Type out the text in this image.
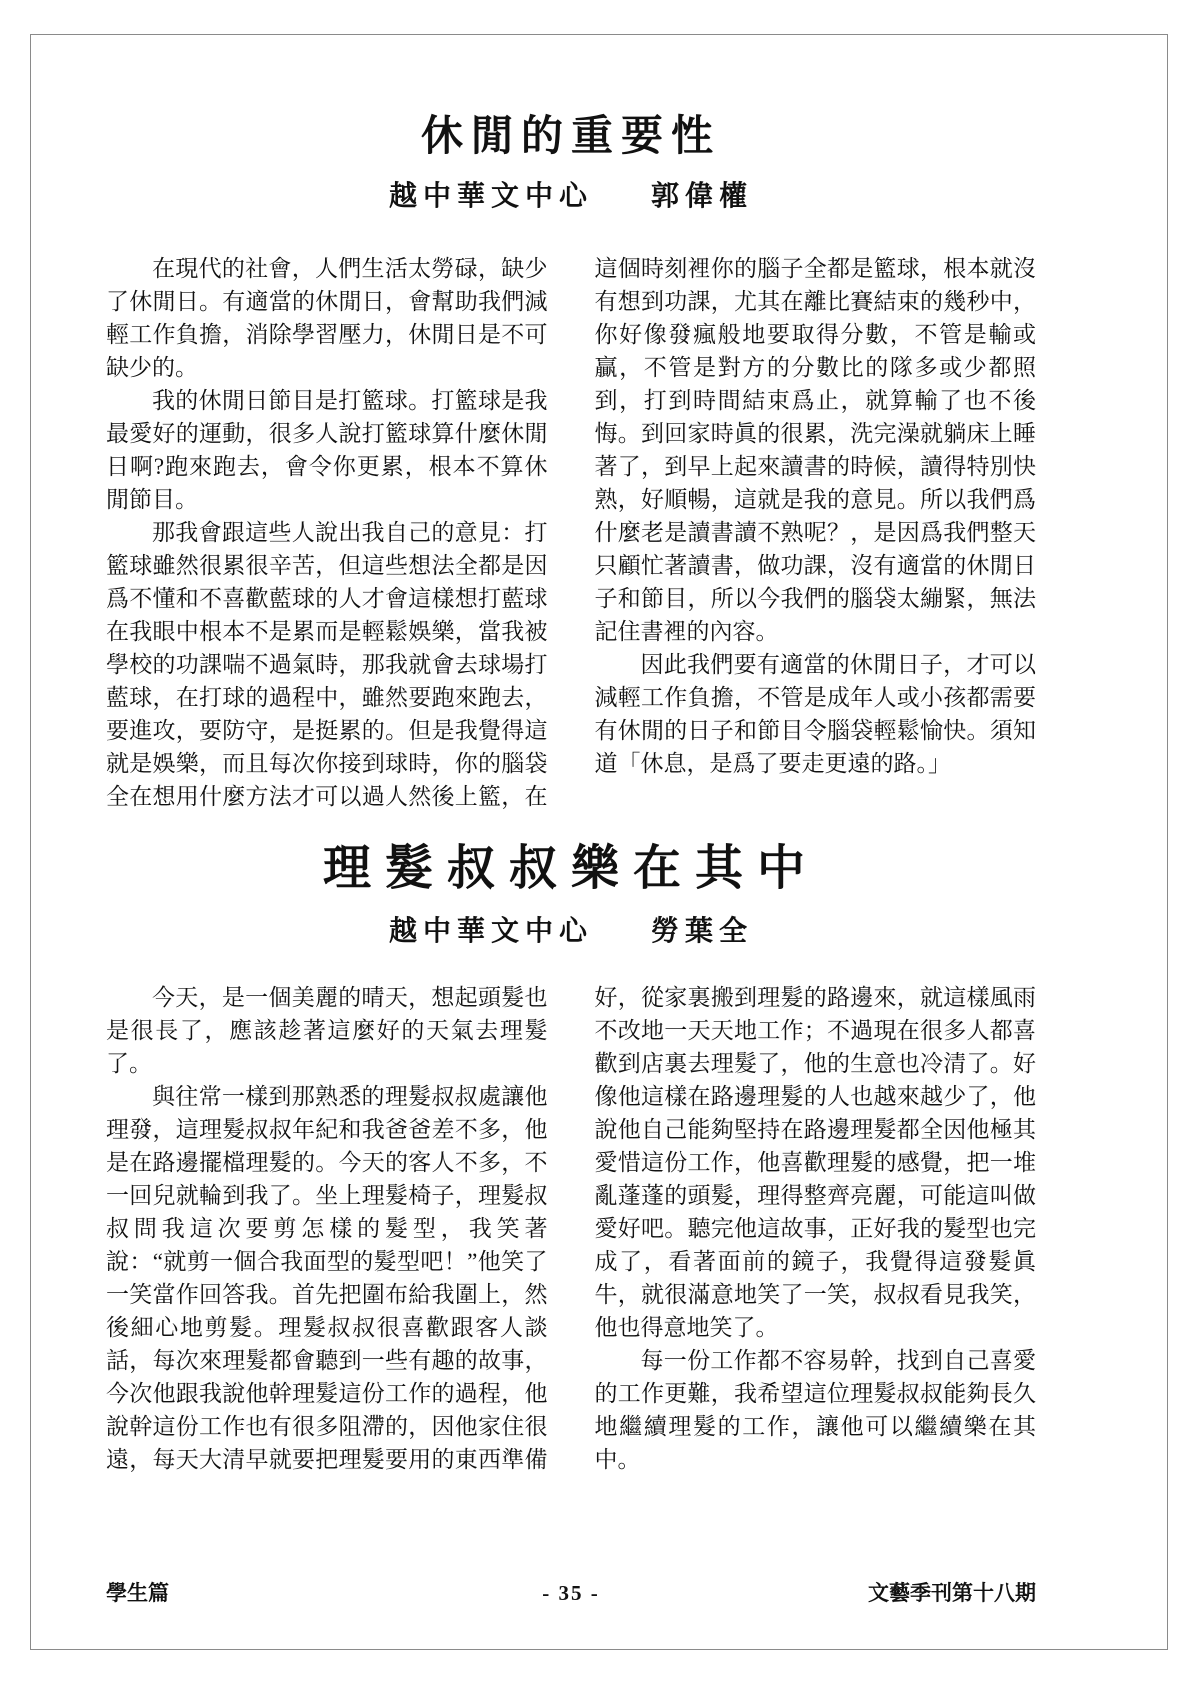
休閒的重要性
越中華文中心 郭偉權

在現代的社會，人們生活太勞碌，缺少了休閒日。有適當的休閒日，會幫助我們減輕工作負擔，消除學習壓力，休閒日是不可缺少的。

我的休閒日節目是打籃球。打籃球是我最愛好的運動，很多人說打籃球算什麼休閒日啊?跑來跑去，會令你更累，根本不算休閒節目。

那我會跟這些人說出我自己的意見：打籃球雖然很累很辛苦，但這些想法全都是因爲不懂和不喜歡藍球的人才會這樣想打藍球在我眼中根本不是累而是輕鬆娛樂，當我被學校的功課喘不過氣時，那我就會去球場打藍球，在打球的過程中，雖然要跑來跑去，要進攻，要防守，是挺累的。但是我覺得這就是娛樂，而且每次你接到球時，你的腦袋全在想用什麼方法才可以過人然後上籃，在這個時刻裡你的腦子全都是籃球，根本就沒有想到功課，尤其在離比賽結束的幾秒中，你好像發瘋般地要取得分數，不管是輸或贏，不管是對方的分數比的隊多或少都照到，打到時間結束爲止，就算輸了也不後悔。到回家時眞的很累，洗完澡就躺床上睡著了，到早上起來讀書的時候，讀得特別快熟，好順暢，這就是我的意見。所以我們爲什麼老是讀書讀不熟呢？，是因爲我們整天只顧忙著讀書，做功課，沒有適當的休閒日子和節目，所以今我們的腦袋太繃緊，無法記住書裡的內容。

因此我們要有適當的休閒日子，才可以減輕工作負擔，不管是成年人或小孩都需要有休閒的日子和節目令腦袋輕鬆愉快。須知道「休息，是爲了要走更遠的路。」

理髮叔叔樂在其中
越中華文中心 勞葉全

今天，是一個美麗的晴天，想起頭髮也是很長了，應該趁著這麼好的天氣去理髮了。

與往常一樣到那熟悉的理髮叔叔處讓他理發，這理髮叔叔年紀和我爸爸差不多，他是在路邊擺檔理髮的。今天的客人不多，不一回兒就輪到我了。坐上理髮椅子，理髮叔叔問我這次要剪怎樣的髮型，我笑著說：“就剪一個合我面型的髮型吧！”他笑了一笑當作回答我。首先把圍布給我圍上，然後細心地剪髮。理髮叔叔很喜歡跟客人談話，每次來理髮都會聽到一些有趣的故事，今次他跟我說他幹理髮這份工作的過程，他說幹這份工作也有很多阻滯的，因他家住很遠，每天大清早就要把理髮要用的東西準備好，從家裏搬到理髮的路邊來，就這樣風雨不改地一天天地工作；不過現在很多人都喜歡到店裏去理髮了，他的生意也冷清了。好像他這樣在路邊理髮的人也越來越少了，他說他自己能夠堅持在路邊理髮都全因他極其愛惜這份工作，他喜歡理髮的感覺，把一堆亂蓬蓬的頭髮，理得整齊亮麗，可能這叫做愛好吧。聽完他這故事，正好我的髮型也完成了，看著面前的鏡子，我覺得這發髮眞牛，就很滿意地笑了一笑，叔叔看見我笑，他也得意地笑了。

每一份工作都不容易幹，找到自己喜愛的工作更難，我希望這位理髮叔叔能夠長久地繼續理髮的工作，讓他可以繼續樂在其中。

學生篇	- 35 -	文藝季刊第十八期
